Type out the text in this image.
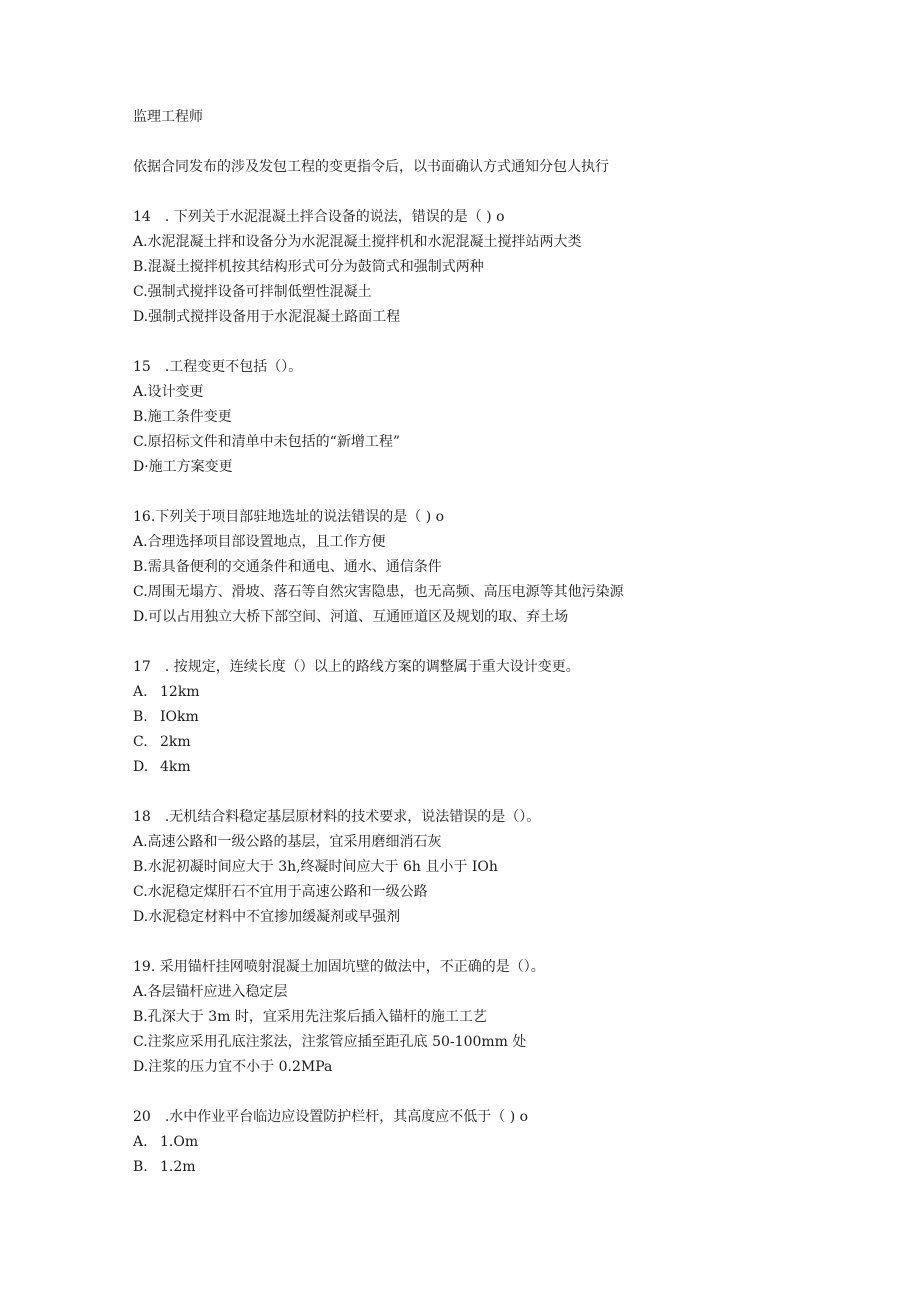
监理工程师
依据合同发布的涉及发包工程的变更指令后，以书面确认方式通知分包人执行
14　. 下列关于水泥混凝土拌合设备的说法，错误的是（ ) o
A.水泥混凝土拌和设备分为水泥混凝土搅拌机和水泥混凝土搅拌站两大类
B.混凝土搅拌机按其结构形式可分为鼓筒式和强制式两种
C.强制式搅拌设备可拌制低塑性混凝土
D.强制式搅拌设备用于水泥混凝土路面工程
15　.工程变更不包括（）。
A.设计变更
B.施工条件变更
C.原招标文件和清单中未包括的“新增工程”
D·施工方案变更
16.下列关于项目部驻地选址的说法错误的是（ ) o
A.合理选择项目部设置地点，且工作方便
B.需具备便利的交通条件和通电、通水、通信条件
C.周围无塌方、滑坡、落石等自然灾害隐患，也无高频、高压电源等其他污染源
D.可以占用独立大桥下部空间、河道、互通匝道区及规划的取、弃土场
17　. 按规定，连续长度（）以上的路线方案的调整属于重大设计变更。
A. 12km
B. IOkm
C. 2km
D. 4km
18　.无机结合料稳定基层原材料的技术要求，说法错误的是（）。
A.高速公路和一级公路的基层，宜采用磨细消石灰
B.水泥初凝时间应大于 3h,终凝时间应大于 6h 且小于 IOh
C.水泥稳定煤肝石不宜用于高速公路和一级公路
D.水泥稳定材料中不宜掺加缓凝剂或早强剂
19. 采用锚杆挂网喷射混凝土加固坑壁的做法中，不正确的是（）。
A.各层锚杆应进入稳定层
B.孔深大于 3m 时，宜采用先注浆后插入锚杆的施工工艺
C.注浆应采用孔底注浆法，注浆管应插至距孔底 50-100mm 处
D.注浆的压力宜不小于 0.2MPa
20　.水中作业平台临边应设置防护栏杆，其高度应不低于（ ) o
A. 1.Om
B. 1.2m
